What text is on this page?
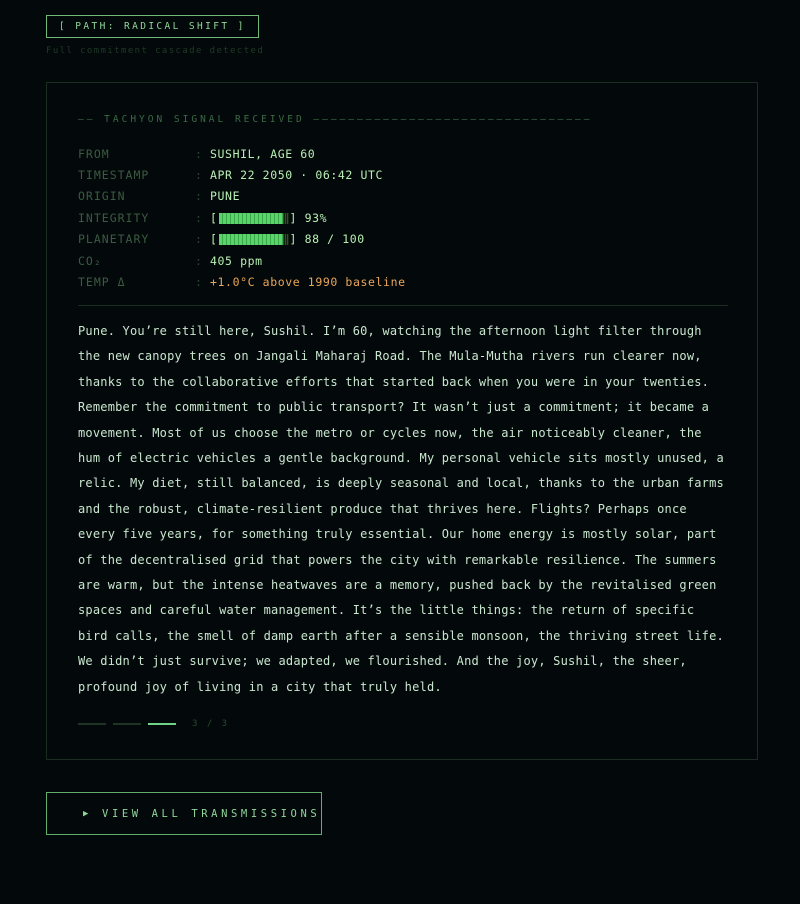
[ PATH: RADICAL SHIFT ]
Full commitment cascade detected
—— TACHYON SIGNAL RECEIVED ————————————————————————————————
FROM	: SUSHIL, AGE 60
TIMESTAMP	: APR 22 2050 · 06:42 UTC
ORIGIN	: PUNE
INTEGRITY	: [	] 93%
PLANETARY	: [	] 88 / 100
CO₂	: 405 ppm
TEMP Δ	: +1.0°C above 1990 baseline
Pune. You’re still here, Sushil. I’m 60, watching the afternoon light filter through the new canopy trees on Jangali Maharaj Road. The Mula-Mutha rivers run clearer now, thanks to the collaborative efforts that started back when you were in your twenties. Remember the commitment to public transport? It wasn’t just a commitment; it became a movement. Most of us choose the metro or cycles now, the air noticeably cleaner, the hum of electric vehicles a gentle background. My personal vehicle sits mostly unused, a relic. My diet, still balanced, is deeply seasonal and local, thanks to the urban farms and the robust, climate-resilient produce that thrives here. Flights? Perhaps once every five years, for something truly essential. Our home energy is mostly solar, part of the decentralised grid that powers the city with remarkable resilience. The summers are warm, but the intense heatwaves are a memory, pushed back by the revitalised green spaces and careful water management. It’s the little things: the return of specific bird calls, the smell of damp earth after a sensible monsoon, the thriving street life. We didn’t just survive; we adapted, we flourished. And the joy, Sushil, the sheer, profound joy of living in a city that truly held.
3 / 3
▶ VIEW ALL TRANSMISSIONS
